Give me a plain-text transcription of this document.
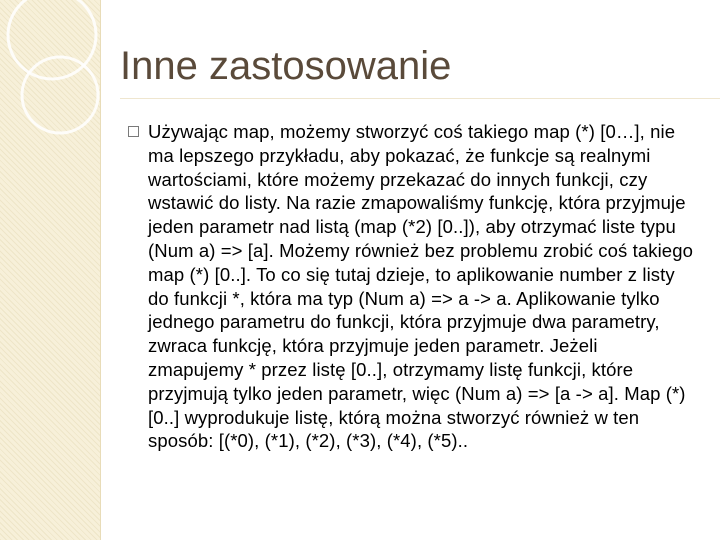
Inne zastosowanie

Używając map, możemy stworzyć coś takiego map (*) [0…], nie ma lepszego przykładu, aby pokazać, że funkcje są realnymi wartościami, które możemy przekazać do innych funkcji, czy wstawić do listy. Na razie zmapowaliśmy funkcję, która przyjmuje jeden parametr nad listą (map (*2) [0..]), aby otrzymać liste typu (Num a) => [a]. Możemy również bez problemu zrobić coś takiego map (*) [0..]. To co się tutaj dzieje, to aplikowanie number z listy do funkcji *, która ma typ (Num a) => a -> a. Aplikowanie tylko jednego parametru do funkcji, która przyjmuje dwa parametry, zwraca funkcję, która przyjmuje jeden parametr. Jeżeli zmapujemy * przez listę [0..], otrzymamy listę funkcji, które przyjmują tylko jeden parametr, więc (Num a) => [a -> a]. Map (*) [0..] wyprodukuje listę, którą można stworzyć również w ten sposób: [(*0), (*1), (*2), (*3), (*4), (*5)..
